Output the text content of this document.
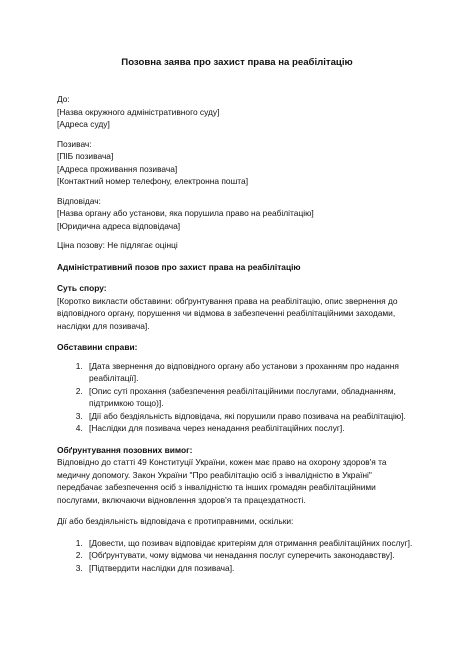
Позовна заява про захист права на реабілітацію
До:
[Назва окружного адміністративного суду]
[Адреса суду]
Позивач:
[ПІБ позивача]
[Адреса проживання позивача]
[Контактний номер телефону, електронна пошта]
Відповідач:
[Назва органу або установи, яка порушила право на реабілітацію]
[Юридична адреса відповідача]

Ціна позову: Не підлягає оцінці

Адміністративний позов про захист права на реабілітацію

Суть спору:

[Коротко викласти обставини: обґрунтування права на реабілітацію, опис звернення до відповідного органу, порушення чи відмова в забезпеченні реабілітаційними заходами, наслідки для позивача].

Обставини справи:

1. [Дата звернення до відповідного органу або установи з проханням про надання реабілітації].
2. [Опис суті прохання (забезпечення реабілітаційними послугами, обладнанням, підтримкою тощо)].
3. [Дії або бездіяльність відповідача, які порушили право позивача на реабілітацію].
4. [Наслідки для позивача через ненадання реабілітаційних послуг].

Обґрунтування позовних вимог:

Відповідно до статті 49 Конституції України, кожен має право на охорону здоров'я та медичну допомогу. Закон України "Про реабілітацію осіб з інвалідністю в Україні" передбачає забезпечення осіб з інвалідністю та інших громадян реабілітаційними послугами, включаючи відновлення здоров'я та працездатності.

Дії або бездіяльність відповідача є протиправними, оскільки:

1. [Довести, що позивач відповідає критеріям для отримання реабілітаційних послуг].
2. [Обґрунтувати, чому відмова чи ненадання послуг суперечить законодавству].
3. [Підтвердити наслідки для позивача].
